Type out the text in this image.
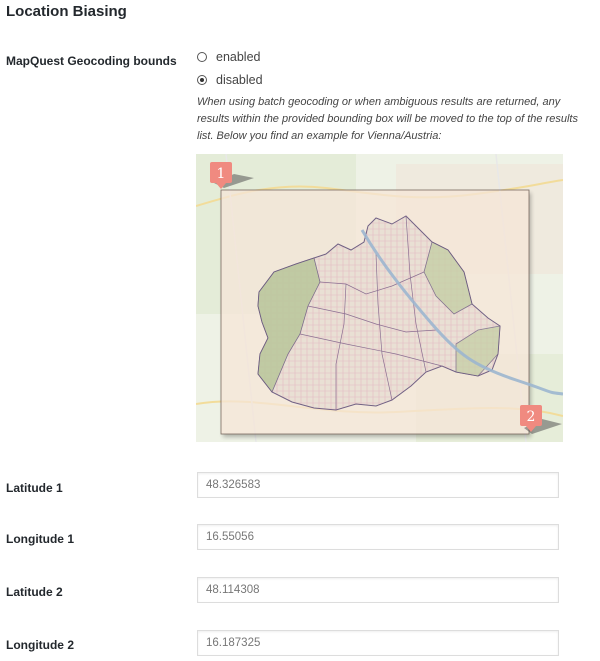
Location Biasing
MapQuest Geocoding bounds	enabled
disabled
When using batch geocoding or when ambiguous results are returned, any results within the provided bounding box will be moved to the top of the results list. Below you find an example for Vienna/Austria:
1
2
Latitude 1
48.326583
Longitude 1
16.55056
Latitude 2
48.114308
Longitude 2
16.187325
